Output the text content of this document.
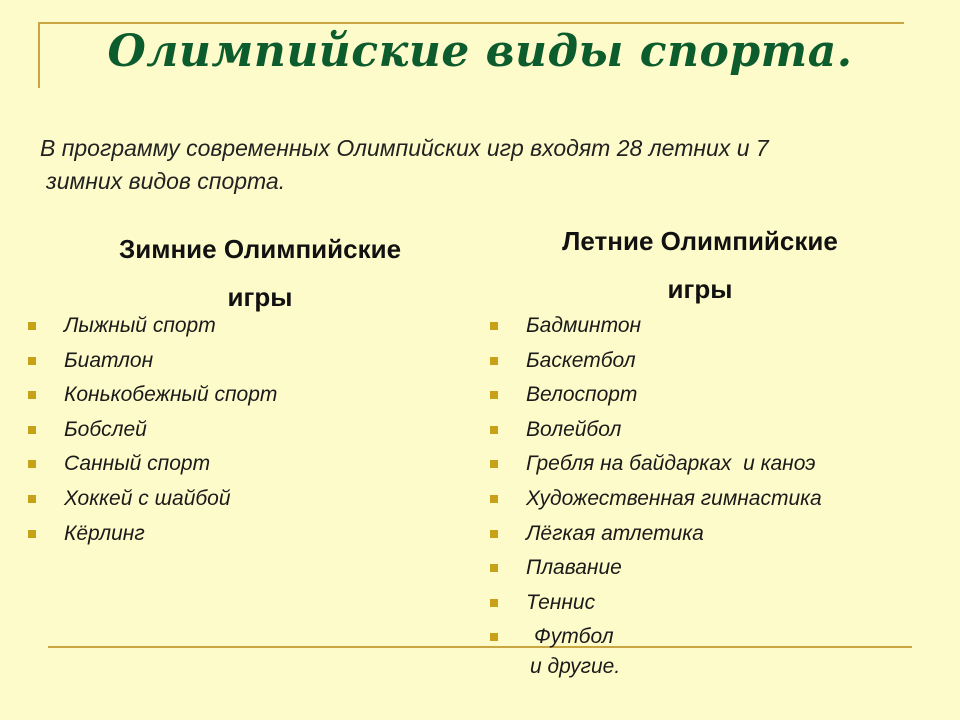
Олимпийские виды спорта.
В программу современных Олимпийских игр входят 28 летних и 7
зимних видов спорта.
Зимние Олимпийские
игры
Летние Олимпийские
игры
Лыжный спорт
Биатлон
Конькобежный спорт
Бобслей
Санный спорт
Хоккей с шайбой
Кёрлинг
Бадминтон
Баскетбол
Велоспорт
Волейбол
Гребля на байдарках  и каноэ
Художественная гимнастика
Лёгкая атлетика
Плавание
Теннис
Футбол
и другие.
